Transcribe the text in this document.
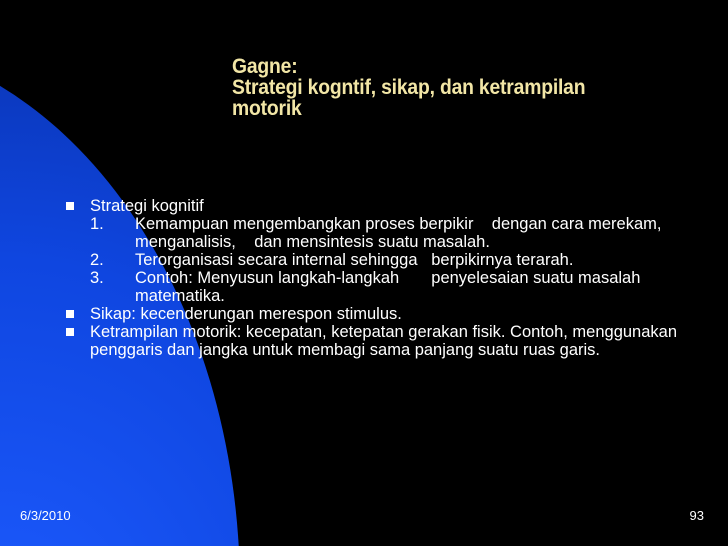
Gagne:
Strategi kogntif, sikap, dan ketrampilan
motorik
Strategi kognitif
1. Kemampuan mengembangkan proses berpikir    dengan cara merekam,  menganalisis,    dan mensintesis suatu masalah.
2. Terorganisasi secara internal sehingga   berpikirnya terarah.
3. Contoh: Menyusun langkah-langkah       penyelesaian suatu masalah matematika.
Sikap: kecenderungan merespon stimulus.
Ketrampilan motorik: kecepatan, ketepatan gerakan fisik. Contoh, menggunakan penggaris dan jangka untuk membagi sama panjang suatu ruas garis.
6/3/2010	93
